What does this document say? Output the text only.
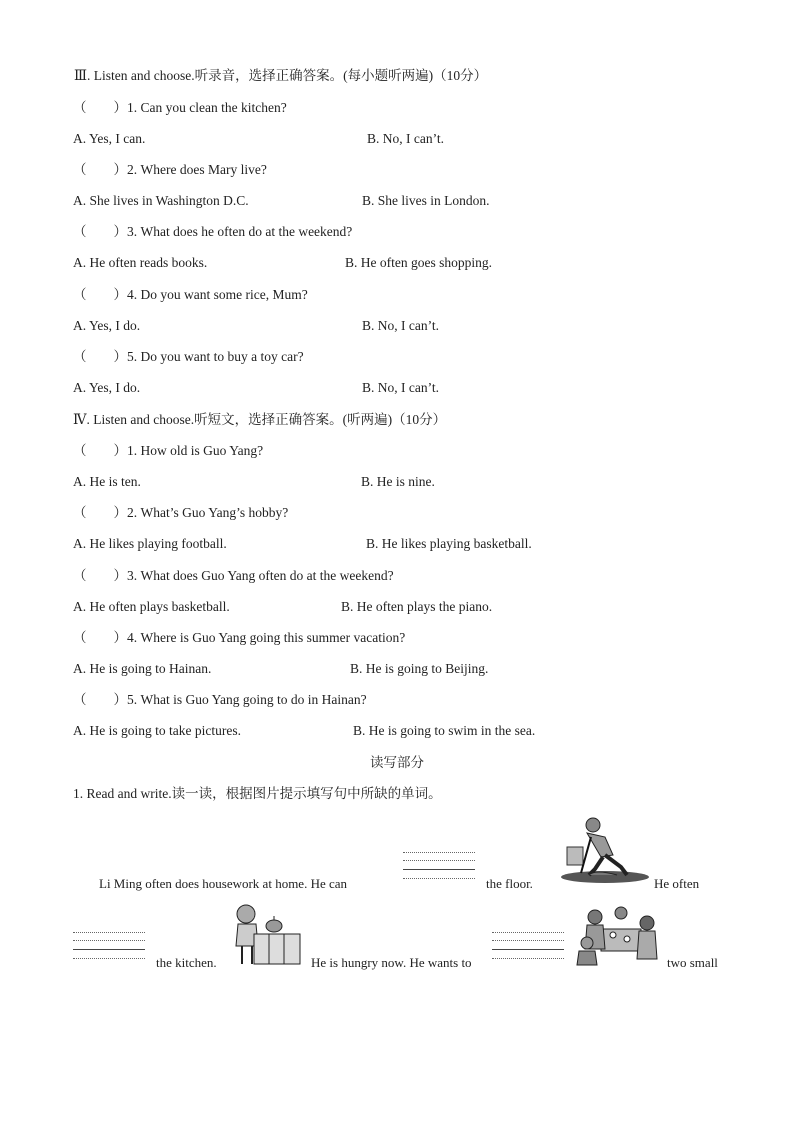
Ⅲ. Listen and choose.听录音，选择正确答案。(每小题听两遍)（10分）
（　　）1. Can you clean the kitchen?
A. Yes, I can.	B. No, I can’t.
（　　）2. Where does Mary live?
A. She lives in Washington D.C.	B. She lives in London.
（　　）3. What does he often do at the weekend?
A. He often reads books.	B. He often goes shopping.
（　　）4. Do you want some rice, Mum?
A. Yes, I do.	B. No, I can’t.
（　　）5. Do you want to buy a toy car?
A. Yes, I do.	B. No, I can’t.
Ⅳ. Listen and choose.听短文，选择正确答案。(听两遍)（10分）
（　　）1. How old is Guo Yang?
A. He is ten.	B. He is nine.
（　　）2. What’s Guo Yang’s hobby?
A. He likes playing football.	B. He likes playing basketball.
（　　）3. What does Guo Yang often do at the weekend?
A. He often plays basketball.	B. He often plays the piano.
（　　）4. Where is Guo Yang going this summer vacation?
A. He is going to Hainan.	B. He is going to Beijing.
（　　）5. What is Guo Yang going to do in Hainan?
A. He is going to take pictures.	B. He is going to swim in the sea.
读写部分
1. Read and write.读一读，根据图片提示填写句中所缺的单词。
Li Ming often does housework at home. He can	the floor.	He often
the kitchen.	He is hungry now. He wants to	two small
